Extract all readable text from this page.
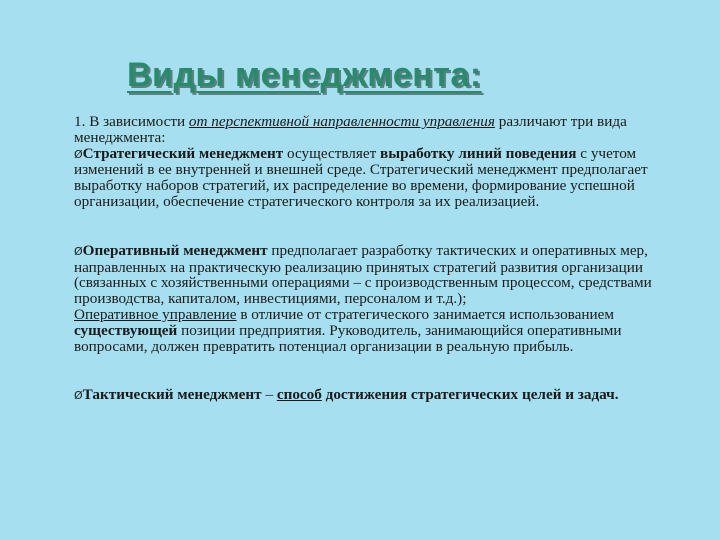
Виды менеджмента:

1. В зависимости от перспективной направленности управления различают три вида менеджмента:

ØСтратегический менеджмент осуществляет выработку линий поведения с учетом изменений в ее внутренней и внешней среде. Стратегический менеджмент предполагает выработку наборов стратегий, их распределение во времени, формирование успешной организации, обеспечение стратегического контроля за их реализацией.

ØОперативный менеджмент предполагает разработку тактических и оперативных мер, направленных на практическую реализацию принятых стратегий развития организации (связанных с хозяйственными операциями – с производственным процессом, средствами производства, капиталом, инвестициями, персоналом и т.д.);

Оперативное управление в отличие от стратегического занимается использованием существующей позиции предприятия. Руководитель, занимающийся оперативными вопросами, должен превратить потенциал организации в реальную прибыль.

ØТактический менеджмент – способ достижения стратегических целей и задач.
